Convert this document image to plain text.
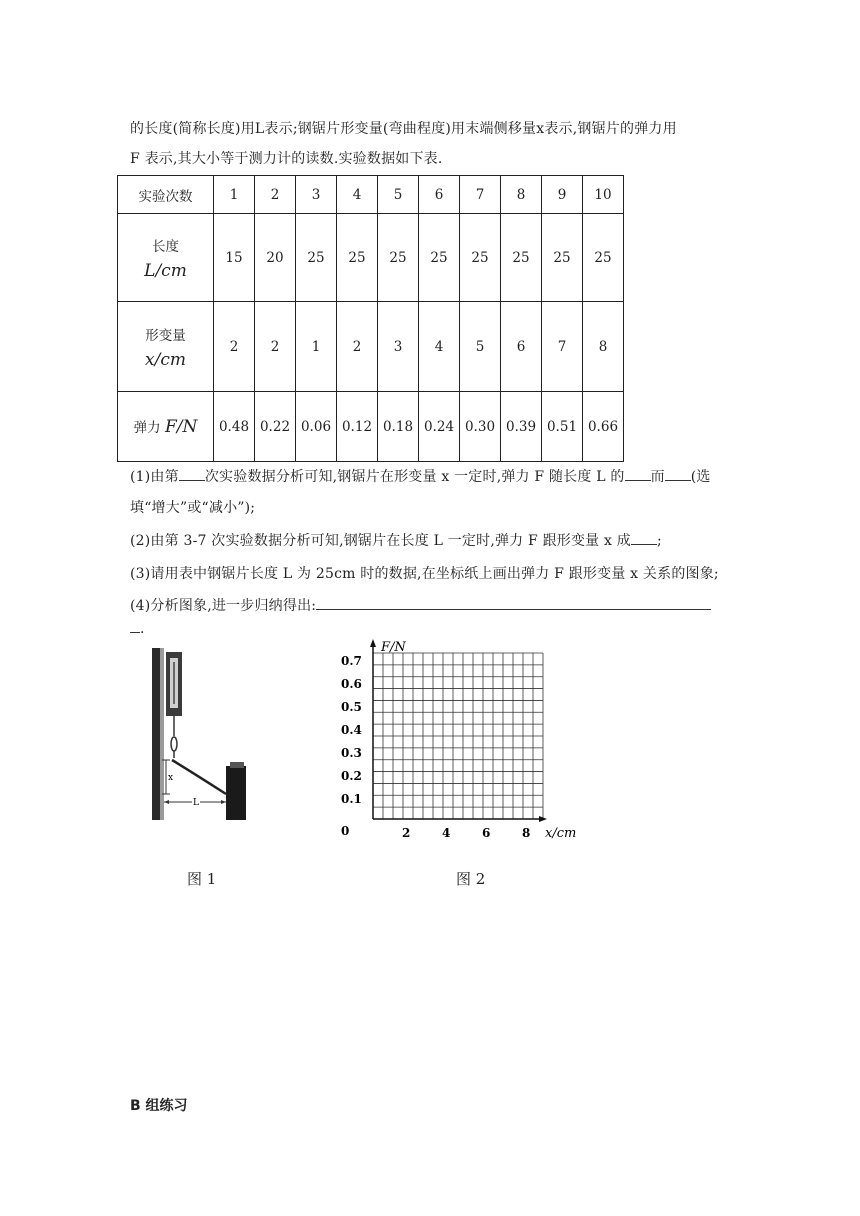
的长度(简称长度)用L表示;钢锯片形变量(弯曲程度)用末端侧移量x表示,钢锯片的弹力用
F 表示,其大小等于测力计的读数.实验数据如下表.
实验次数	1	2	3	4	5	6	7	8	9	10
长度
L/cm	15	20	25	25	25	25	25	25	25	25
形变量
x/cm	2	2	1	2	3	4	5	6	7	8
弹力 F/N	0.48	0.22	0.06	0.12	0.18	0.24	0.30	0.39	0.51	0.66
(1)由第 次实验数据分析可知,钢锯片在形变量 x 一定时,弹力 F 随长度 L 的 而 (选
填“增大”或“减小”);
(2)由第 3-7 次实验数据分析可知,钢锯片在长度 L 一定时,弹力 F 跟形变量 x 成 ;
(3)请用表中钢锯片长度 L 为 25cm 时的数据,在坐标纸上画出弹力 F 跟形变量 x 关系的图象;
(4)分析图象,进一步归纳得出:
.
x
L
图 1
F/N
x/cm
0
0.1
0.2
0.3
0.4
0.5
0.6
0.7
2	4	6	8
图 2
B 组练习
